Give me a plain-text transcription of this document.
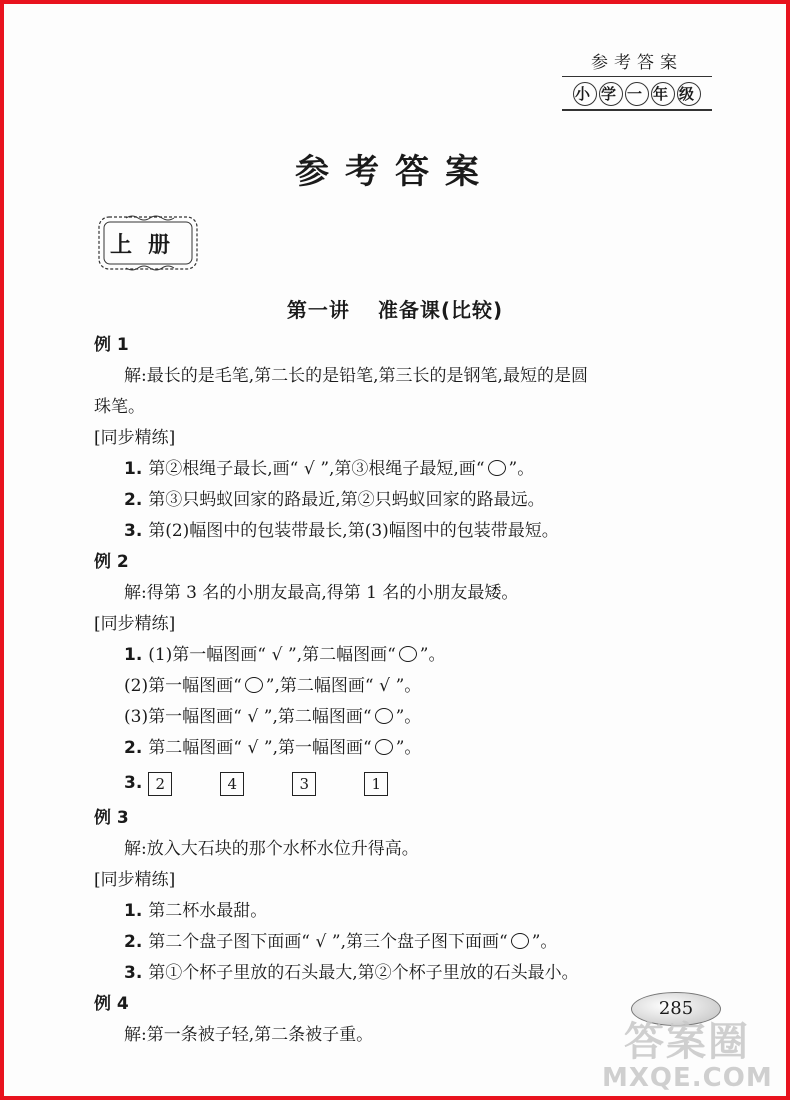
参考答案
小 学 一 年 级
参考答案
上册
第一讲 准备课(比较)
例 1
解:最长的是毛笔,第二长的是铅笔,第三长的是钢笔,最短的是圆
珠笔。
[ 同步精练 ]
1. 第②根绳子最长,画“ √ ”,第③根绳子最短,画“ ○ ”。
2. 第③只蚂蚁回家的路最近,第②只蚂蚁回家的路最远。
3. 第(2)幅图中的包装带最长,第(3)幅图中的包装带最短。
例 2
解:得第 3 名的小朋友最高,得第 1 名的小朋友最矮。
[ 同步精练 ]
1. (1)第一幅图画“ √ ”,第二幅图画“ ○ ”。
(2)第一幅图画“ ○ ”,第二幅图画“ √ ”。
(3)第一幅图画“ √ ”,第二幅图画“ ○ ”。
2. 第二幅图画“ √ ”,第一幅图画“ ○ ”。
3. 2	4	3	1
例 3
解:放入大石块的那个水杯水位升得高。
[ 同步精练 ]
1. 第二杯水最甜。
2. 第二个盘子图下面画“ √ ”,第三个盘子图下面画“ ○ ”。
3. 第①个杯子里放的石头最大,第②个杯子里放的石头最小。
例 4
解:第一条被子轻,第二条被子重。
285
答案圈
MXQE.COM
